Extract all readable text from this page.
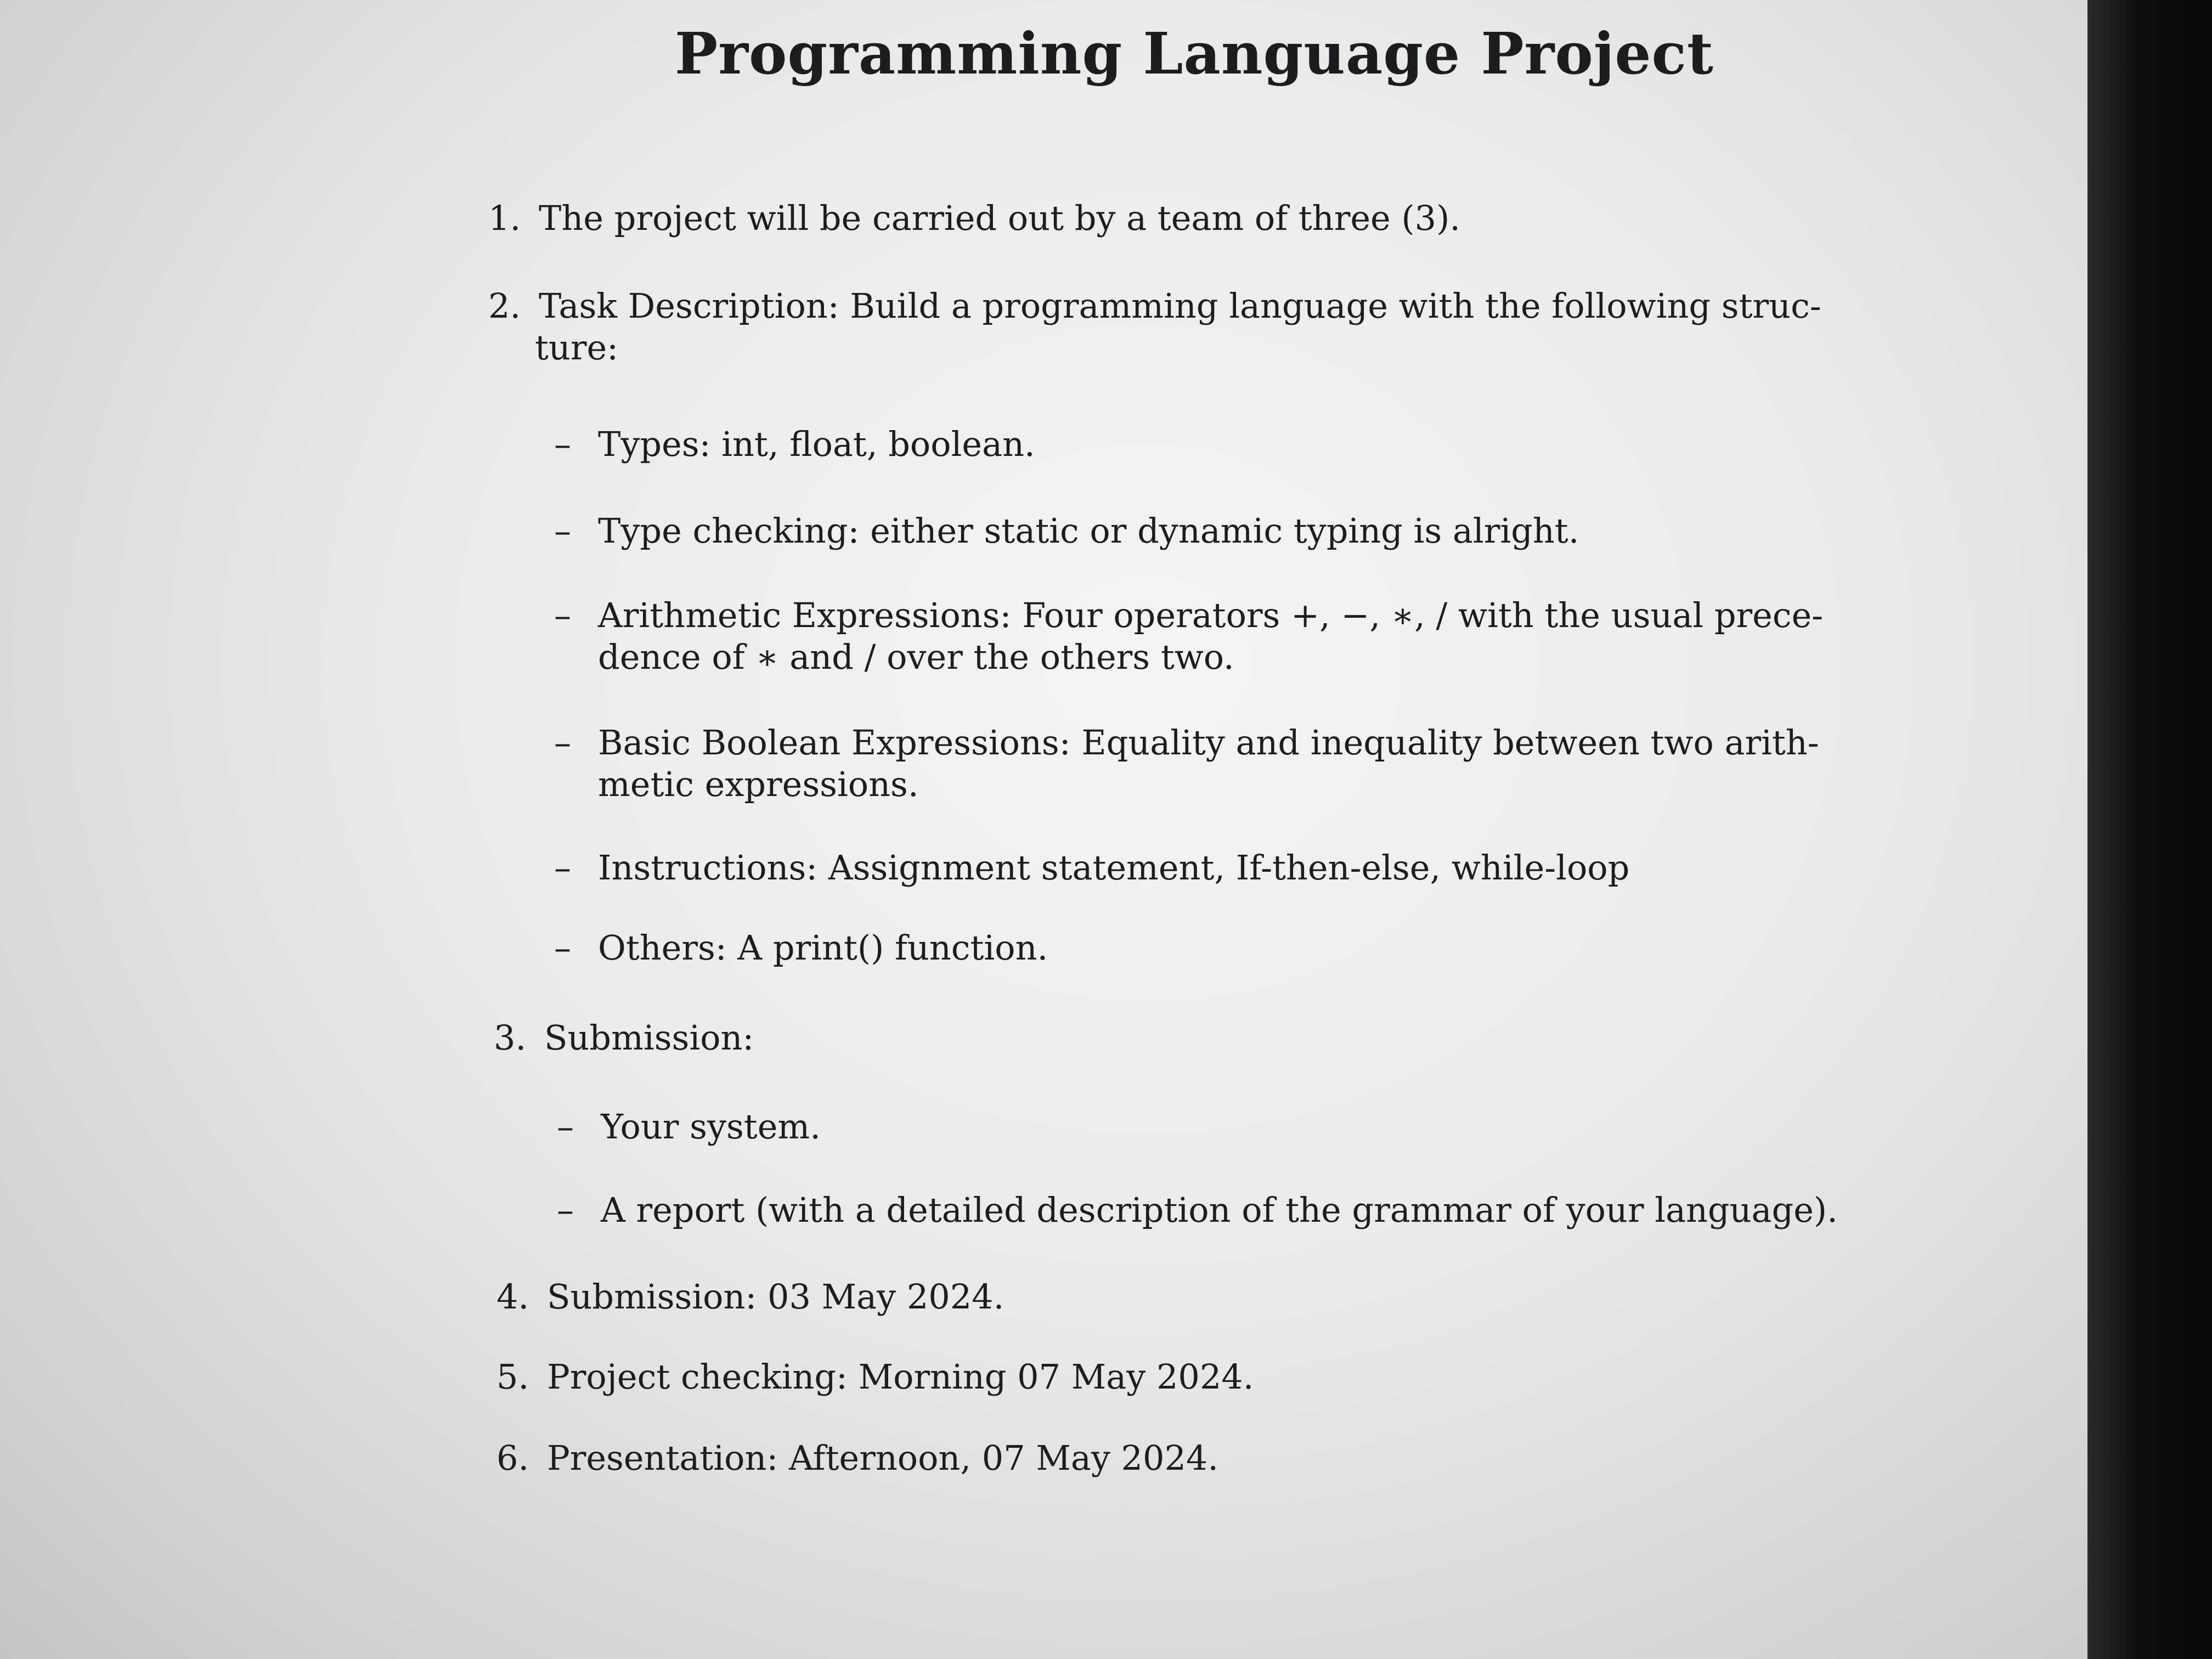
Programming Language Project
1. The project will be carried out by a team of three (3).
2. Task Description: Build a programming language with the following struc-
ture:
– Types: int, float, boolean.
– Type checking: either static or dynamic typing is alright.
– Arithmetic Expressions: Four operators +, −, ∗, / with the usual prece-
dence of ∗ and / over the others two.
– Basic Boolean Expressions: Equality and inequality between two arith-
metic expressions.
– Instructions: Assignment statement, If-then-else, while-loop
– Others: A print() function.
3. Submission:
– Your system.
– A report (with a detailed description of the grammar of your language).
4. Submission: 03 May 2024.
5. Project checking: Morning 07 May 2024.
6. Presentation: Afternoon, 07 May 2024.
